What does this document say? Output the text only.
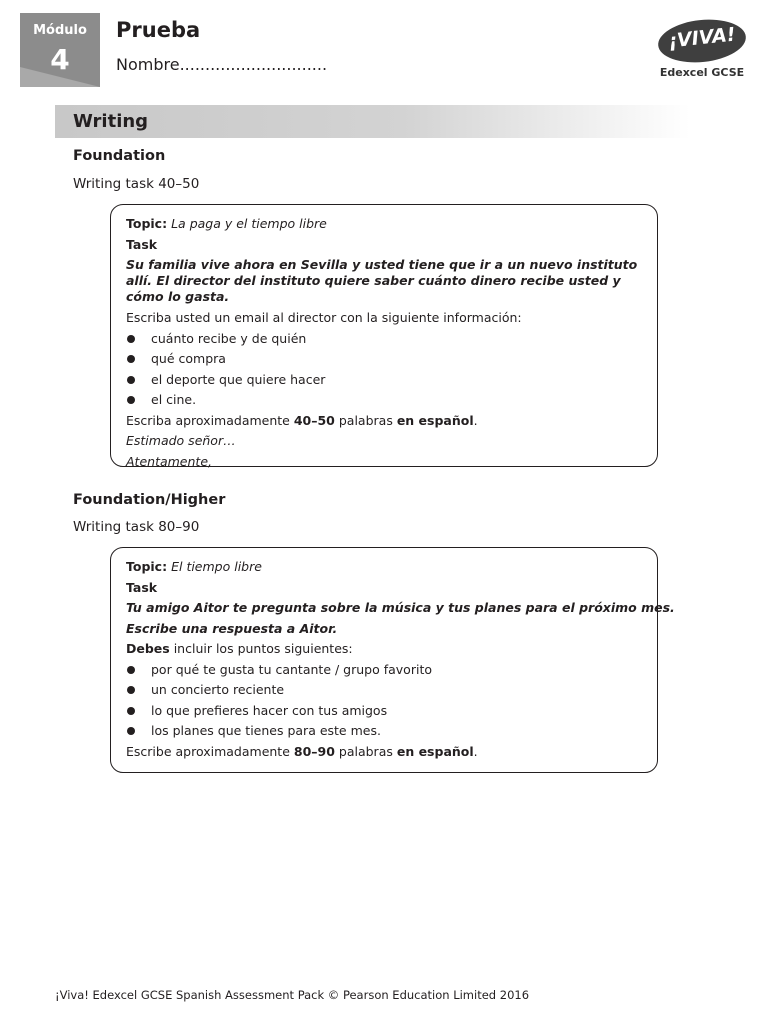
Módulo
4
Prueba
Nombre.............................
¡VIVA!
Edexcel GCSE
Writing
Foundation
Writing task 40–50
Topic: La paga y el tiempo libre
Task
Su familia vive ahora en Sevilla y usted tiene que ir a un nuevo instituto allí. El director del instituto quiere saber cuánto dinero recibe usted y cómo lo gasta.
Escriba usted un email al director con la siguiente información:
cuánto recibe y de quién
qué compra
el deporte que quiere hacer
el cine.
Escriba aproximadamente 40–50 palabras en español.
Estimado señor…
Atentamente,
Foundation/Higher
Writing task 80–90
Topic: El tiempo libre
Task
Tu amigo Aitor te pregunta sobre la música y tus planes para el próximo mes.
Escribe una respuesta a Aitor.
Debes incluir los puntos siguientes:
por qué te gusta tu cantante / grupo favorito
un concierto reciente
lo que prefieres hacer con tus amigos
los planes que tienes para este mes.
Escribe aproximadamente 80–90 palabras en español.
¡Viva! Edexcel GCSE Spanish Assessment Pack © Pearson Education Limited 2016
